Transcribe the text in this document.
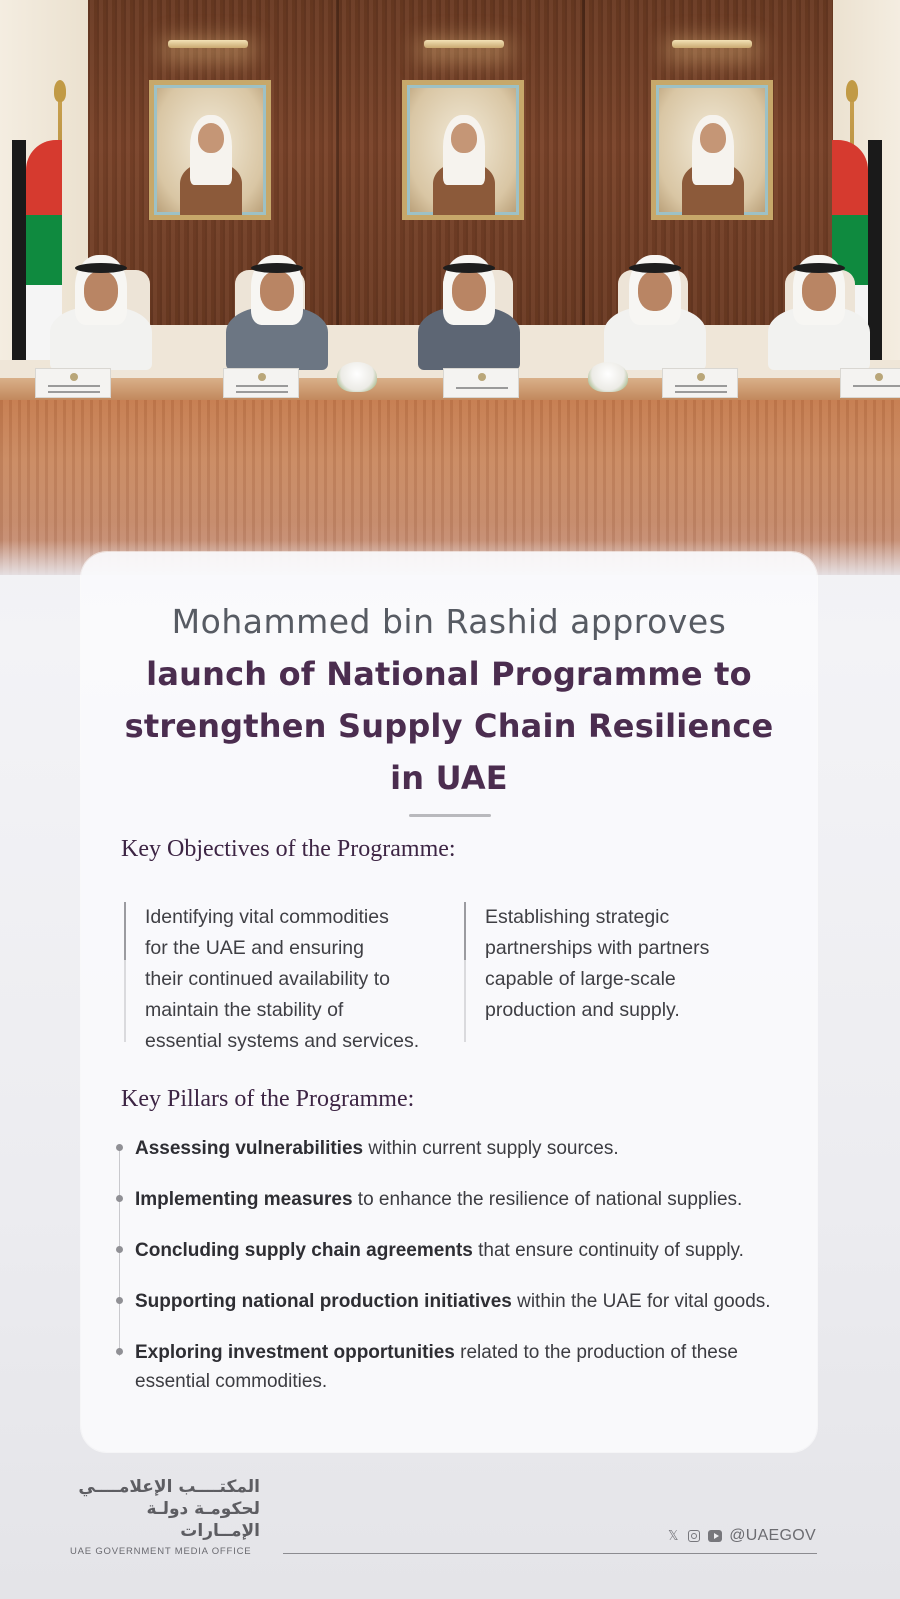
Mohammed bin Rashid approves
launch of National Programme to
strengthen Supply Chain Resilience
in UAE
Key Objectives of the Programme:
Identifying vital commodities
for the UAE and ensuring
their continued availability to
maintain the stability of
essential systems and services.
Establishing strategic
partnerships with partners
capable of large-scale
production and supply.
Key Pillars of the Programme:
Assessing vulnerabilities within current supply sources.
Implementing measures to enhance the resilience of national supplies.
Concluding supply chain agreements that ensure continuity of supply.
Supporting national production initiatives within the UAE for vital goods.
Exploring investment opportunities related to the production of these
essential commodities.
المكتــــب الإعلامــــي
لحكومـة دولـة الإمــارات
UAE GOVERNMENT MEDIA OFFICE
𝕏	@UAEGOV
